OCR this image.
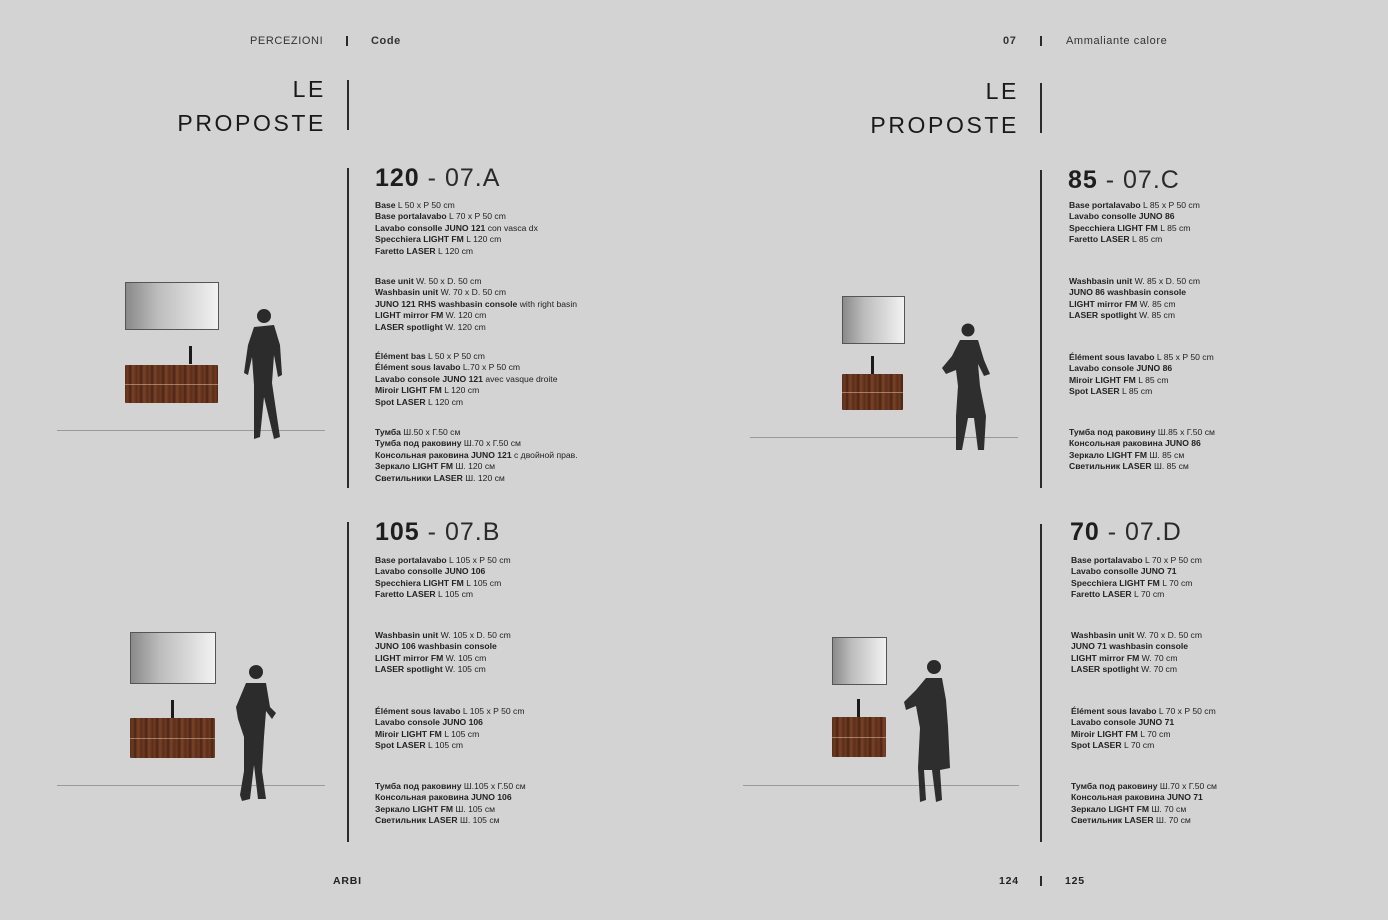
PERCEZIONI	Code	07	Ammaliante calore
LE
PROPOSTE
LE
PROPOSTE
120 - 07.A
Base L 50 x P 50 cm
Base portalavabo L 70 x P 50 cm
Lavabo consolle JUNO 121 con vasca dx
Specchiera LIGHT FM L 120 cm
Faretto LASER L 120 cm
Base unit W. 50 x D. 50 cm
Washbasin unit W. 70 x D. 50 cm
JUNO 121 RHS washbasin console with right basin
LIGHT mirror FM W. 120 cm
LASER spotlight W. 120 cm
Élément bas L 50 x P 50 cm
Élément sous lavabo L.70 x P 50 cm
Lavabo console JUNO 121 avec vasque droite
Miroir LIGHT FM L 120 cm
Spot LASER L 120 cm
Тумба Ш.50 х Г.50 см
Тумба под раковину Ш.70 х Г.50 см
Консольная раковина JUNO 121 с двойной прав.
Зеркало LIGHT FM Ш. 120 см
Светильники LASER Ш. 120 см
105 - 07.B
Base portalavabo L 105 x P 50 cm
Lavabo consolle JUNO 106
Specchiera LIGHT FM L 105 cm
Faretto LASER L 105 cm
Washbasin unit W. 105 x D. 50 cm
JUNO 106 washbasin console
LIGHT mirror FM W. 105 cm
LASER spotlight W. 105 cm
Élément sous lavabo L 105 x P 50 cm
Lavabo console JUNO 106
Miroir LIGHT FM L 105 cm
Spot LASER L 105 cm
Тумба под раковину Ш.105 х Г.50 см
Консольная раковина JUNO 106
Зеркало LIGHT FM Ш. 105 см
Светильник LASER Ш. 105 см
85 - 07.C
Base portalavabo L 85 x P 50 cm
Lavabo consolle JUNO 86
Specchiera LIGHT FM L 85 cm
Faretto LASER L 85 cm
Washbasin unit W. 85 x D. 50 cm
JUNO 86 washbasin console
LIGHT mirror FM W. 85 cm
LASER spotlight W. 85 cm
Élément sous lavabo L 85 x P 50 cm
Lavabo console JUNO 86
Miroir LIGHT FM L 85 cm
Spot LASER L 85 cm
Тумба под раковину Ш.85 х Г.50 см
Консольная раковина JUNO 86
Зеркало LIGHT FM Ш. 85 см
Светильник LASER Ш. 85 см
70 - 07.D
Base portalavabo L 70 x P 50 cm
Lavabo consolle JUNO 71
Specchiera LIGHT FM L 70 cm
Faretto LASER L 70 cm
Washbasin unit W. 70 x D. 50 cm
JUNO 71 washbasin console
LIGHT mirror FM W. 70 cm
LASER spotlight W. 70 cm
Élément sous lavabo L 70 x P 50 cm
Lavabo console JUNO 71
Miroir LIGHT FM L 70 cm
Spot LASER L 70 cm
Тумба под раковину Ш.70 х Г.50 см
Консольная раковина JUNO 71
Зеркало LIGHT FM Ш. 70 см
Светильник LASER Ш. 70 см
ARBI	124	125
